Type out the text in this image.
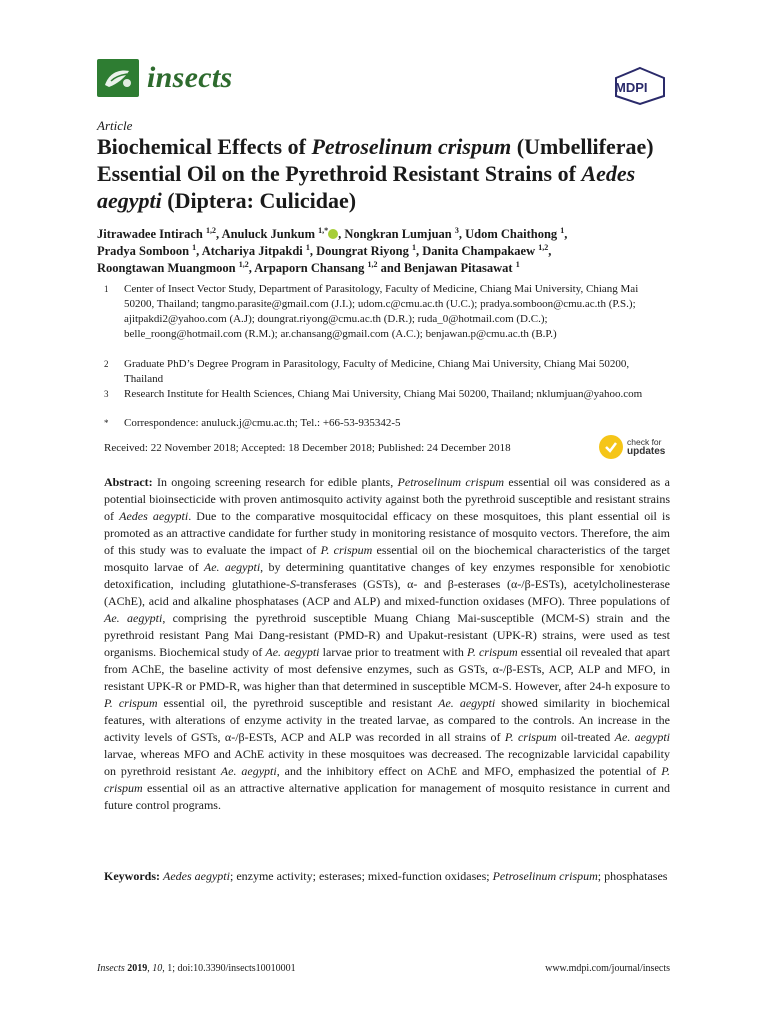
insects	MDPI
Article
Biochemical Effects of Petroselinum crispum (Umbelliferae) Essential Oil on the Pyrethroid Resistant Strains of Aedes aegypti (Diptera: Culicidae)
Jitrawadee Intirach $^{1,2}$, Anuluck Junkum $^{1,*}$ , Nongkran Lumjuan $^3$, Udom Chaithong $^1$,
Pradya Somboon $^1$, Atchariya Jitpakdi $^1$, Doungrat Riyong $^1$, Danita Champakaew $^{1,2}$,
Roongtawan Muangmoon $^{1,2}$, Arpaporn Chansang $^{1,2}$ and Benjawan Pitasawat $^1$
1 Center of Insect Vector Study, Department of Parasitology, Faculty of Medicine, Chiang Mai University, Chiang Mai 50200, Thailand; tangmo.parasite@gmail.com (J.I.); udom.c@cmu.ac.th (U.C.); pradya.somboon@cmu.ac.th (P.S.); ajitpakdi2@yahoo.com (A.J); doungrat.riyong@cmu.ac.th (D.R.); ruda_0@hotmail.com (D.C.); belle_roong@hotmail.com (R.M.); ar.chansang@gmail.com (A.C.); benjawan.p@cmu.ac.th (B.P.)
2 Graduate PhD’s Degree Program in Parasitology, Faculty of Medicine, Chiang Mai University, Chiang Mai 50200, Thailand
3 Research Institute for Health Sciences, Chiang Mai University, Chiang Mai 50200, Thailand; nklumjuan@yahoo.com
* Correspondence: anuluck.j@cmu.ac.th; Tel.: +66-53-935342-5
Received: 22 November 2018; Accepted: 18 December 2018; Published: 24 December 2018	check for
updates
Abstract: In ongoing screening research for edible plants, Petroselinum crispum essential oil was considered as a potential bioinsecticide with proven antimosquito activity against both the pyrethroid susceptible and resistant strains of Aedes aegypti. Due to the comparative mosquitocidal efficacy on these mosquitoes, this plant essential oil is promoted as an attractive candidate for further study in monitoring resistance of mosquito vectors. Therefore, the aim of this study was to evaluate the impact of P. crispum essential oil on the biochemical characteristics of the target mosquito larvae of Ae. aegypti, by determining quantitative changes of key enzymes responsible for xenobiotic detoxification, including glutathione-S-transferases (GSTs), α- and β-esterases (α-/β-ESTs), acetylcholinesterase (AChE), acid and alkaline phosphatases (ACP and ALP) and mixed-function oxidases (MFO). Three populations of Ae. aegypti, comprising the pyrethroid susceptible Muang Chiang Mai-susceptible (MCM-S) strain and the pyrethroid resistant Pang Mai Dang-resistant (PMD-R) and Upakut-resistant (UPK-R) strains, were used as test organisms. Biochemical study of Ae. aegypti larvae prior to treatment with P. crispum essential oil revealed that apart from AChE, the baseline activity of most defensive enzymes, such as GSTs, α-/β-ESTs, ACP, ALP and MFO, in resistant UPK-R or PMD-R, was higher than that determined in susceptible MCM-S. However, after 24-h exposure to P. crispum essential oil, the pyrethroid susceptible and resistant Ae. aegypti showed similarity in biochemical features, with alterations of enzyme activity in the treated larvae, as compared to the controls. An increase in the activity levels of GSTs, α-/β-ESTs, ACP and ALP was recorded in all strains of P. crispum oil-treated Ae. aegypti larvae, whereas MFO and AChE activity in these mosquitoes was decreased. The recognizable larvicidal capability on pyrethroid resistant Ae. aegypti, and the inhibitory effect on AChE and MFO, emphasized the potential of P. crispum essential oil as an attractive alternative application for management of mosquito resistance in current and future control programs.
Keywords: Aedes aegypti; enzyme activity; esterases; mixed-function oxidases; Petroselinum crispum; phosphatases
Insects 2019, 10, 1; doi:10.3390/insects10010001	www.mdpi.com/journal/insects
